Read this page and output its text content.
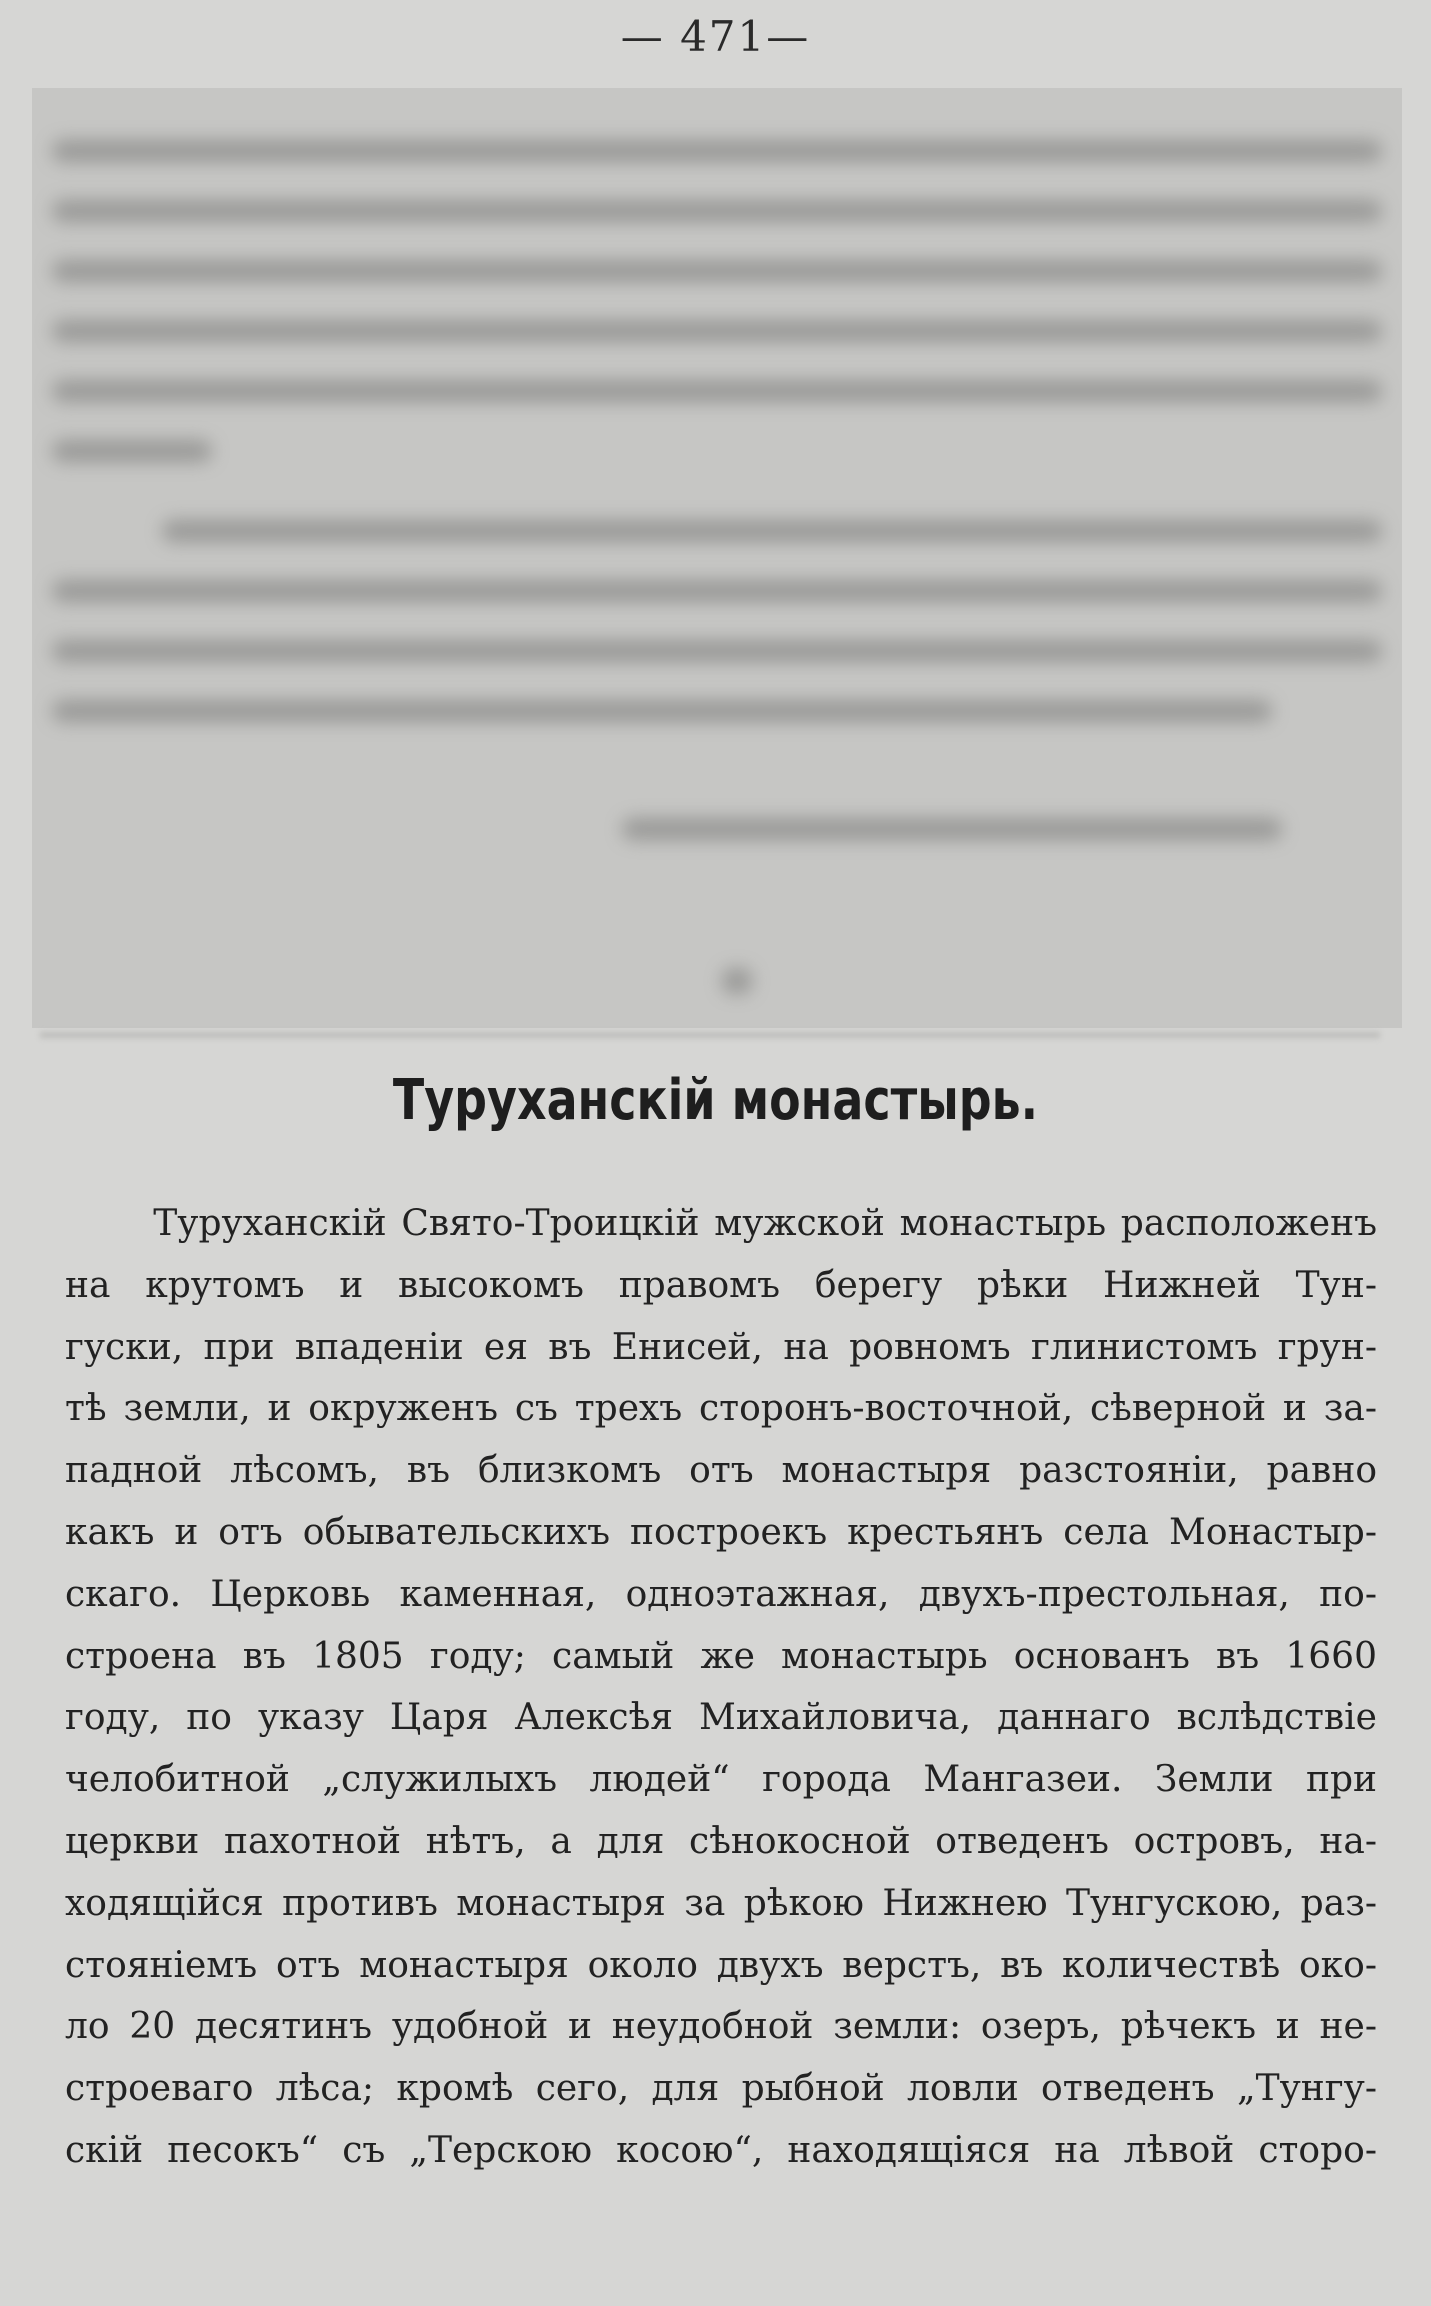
— 471—
Туруханскій монастырь.
Туруханскій Свято-Троицкій мужской монастырь расположенъ
на крутомъ и высокомъ правомъ берегу рѣки Нижней Тун-
гуски, при впаденіи ея въ Енисей, на ровномъ глинистомъ грун-
тѣ земли, и окруженъ съ трехъ сторонъ-восточной, сѣверной и за-
падной лѣсомъ, въ близкомъ отъ монастыря разстояніи, равно
какъ и отъ обывательскихъ построекъ крестьянъ села Монастыр-
скаго. Церковь каменная, одноэтажная, двухъ-престольная, по-
строена въ 1805 году; самый же монастырь основанъ въ 1660
году, по указу Царя Алексѣя Михайловича, даннаго вслѣдствіе
челобитной „служилыхъ людей“ города Мангазеи. Земли при
церкви пахотной нѣтъ, а для сѣнокосной отведенъ островъ, на-
ходящійся противъ монастыря за рѣкою Нижнею Тунгускою, раз-
стояніемъ отъ монастыря около двухъ верстъ, въ количествѣ око-
ло 20 десятинъ удобной и неудобной земли: озеръ, рѣчекъ и не-
строеваго лѣса; кромѣ сего, для рыбной ловли отведенъ „Тунгу-
скій песокъ“ съ „Терскою косою“, находящіяся на лѣвой сторо-
